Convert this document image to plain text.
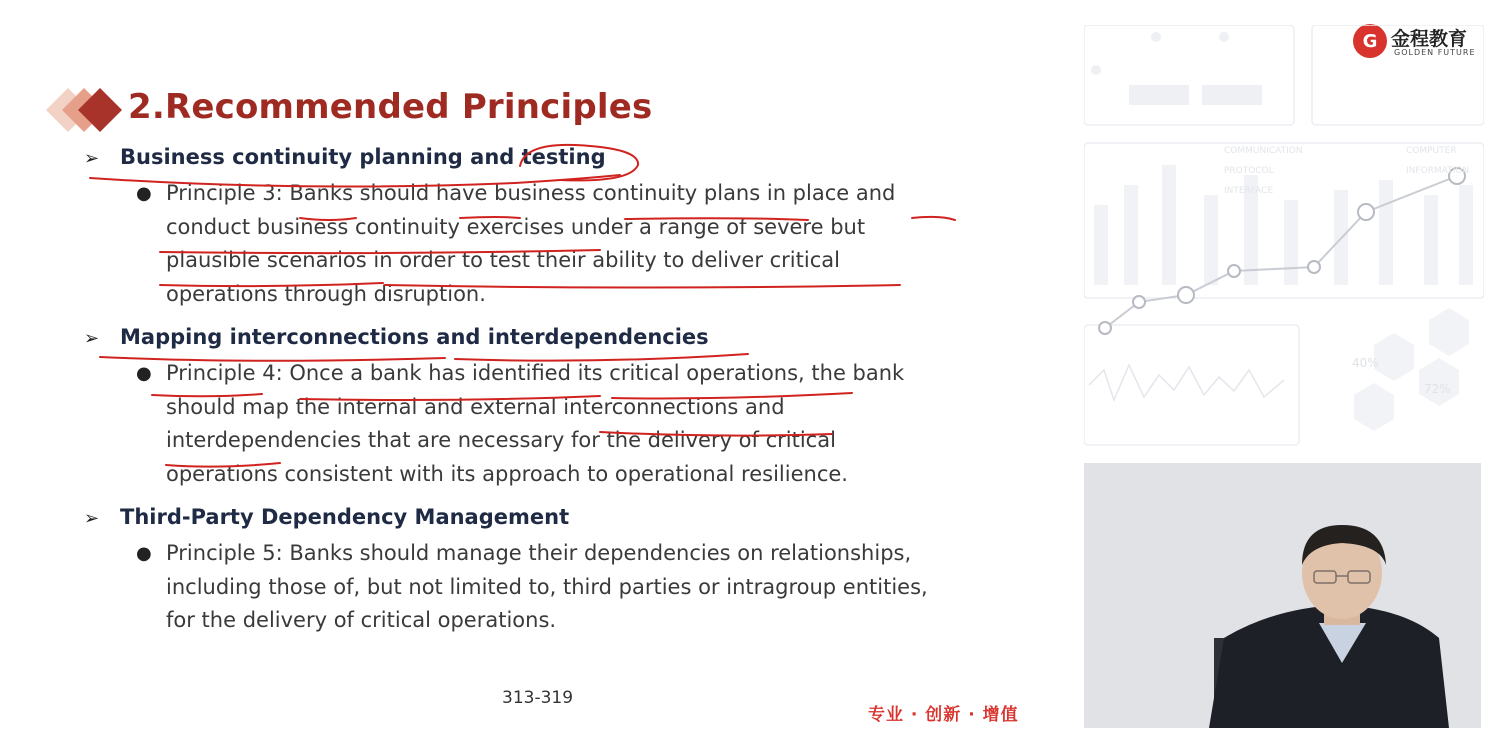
2.Recommended Principles
G 金程教育
GOLDEN FUTURE
➢ Business continuity planning and testing
● Principle 3: Banks should have business continuity plans in place and
conduct business continuity exercises under a range of severe but
plausible scenarios in order to test their ability to deliver critical
operations through disruption.
➢ Mapping interconnections and interdependencies
● Principle 4: Once a bank has identified its critical operations, the bank
should map the internal and external interconnections and
interdependencies that are necessary for the delivery of critical
operations consistent with its approach to operational resilience.
➢ Third-Party Dependency Management
● Principle 5: Banks should manage their dependencies on relationships,
including those of, but not limited to, third parties or intragroup entities,
for the delivery of critical operations.
313-319
专业 · 创新 · 增值
40%
72%
COMMUNICATION
PROTOCOL
INTERFACE
COMPUTER
INFORMATION
